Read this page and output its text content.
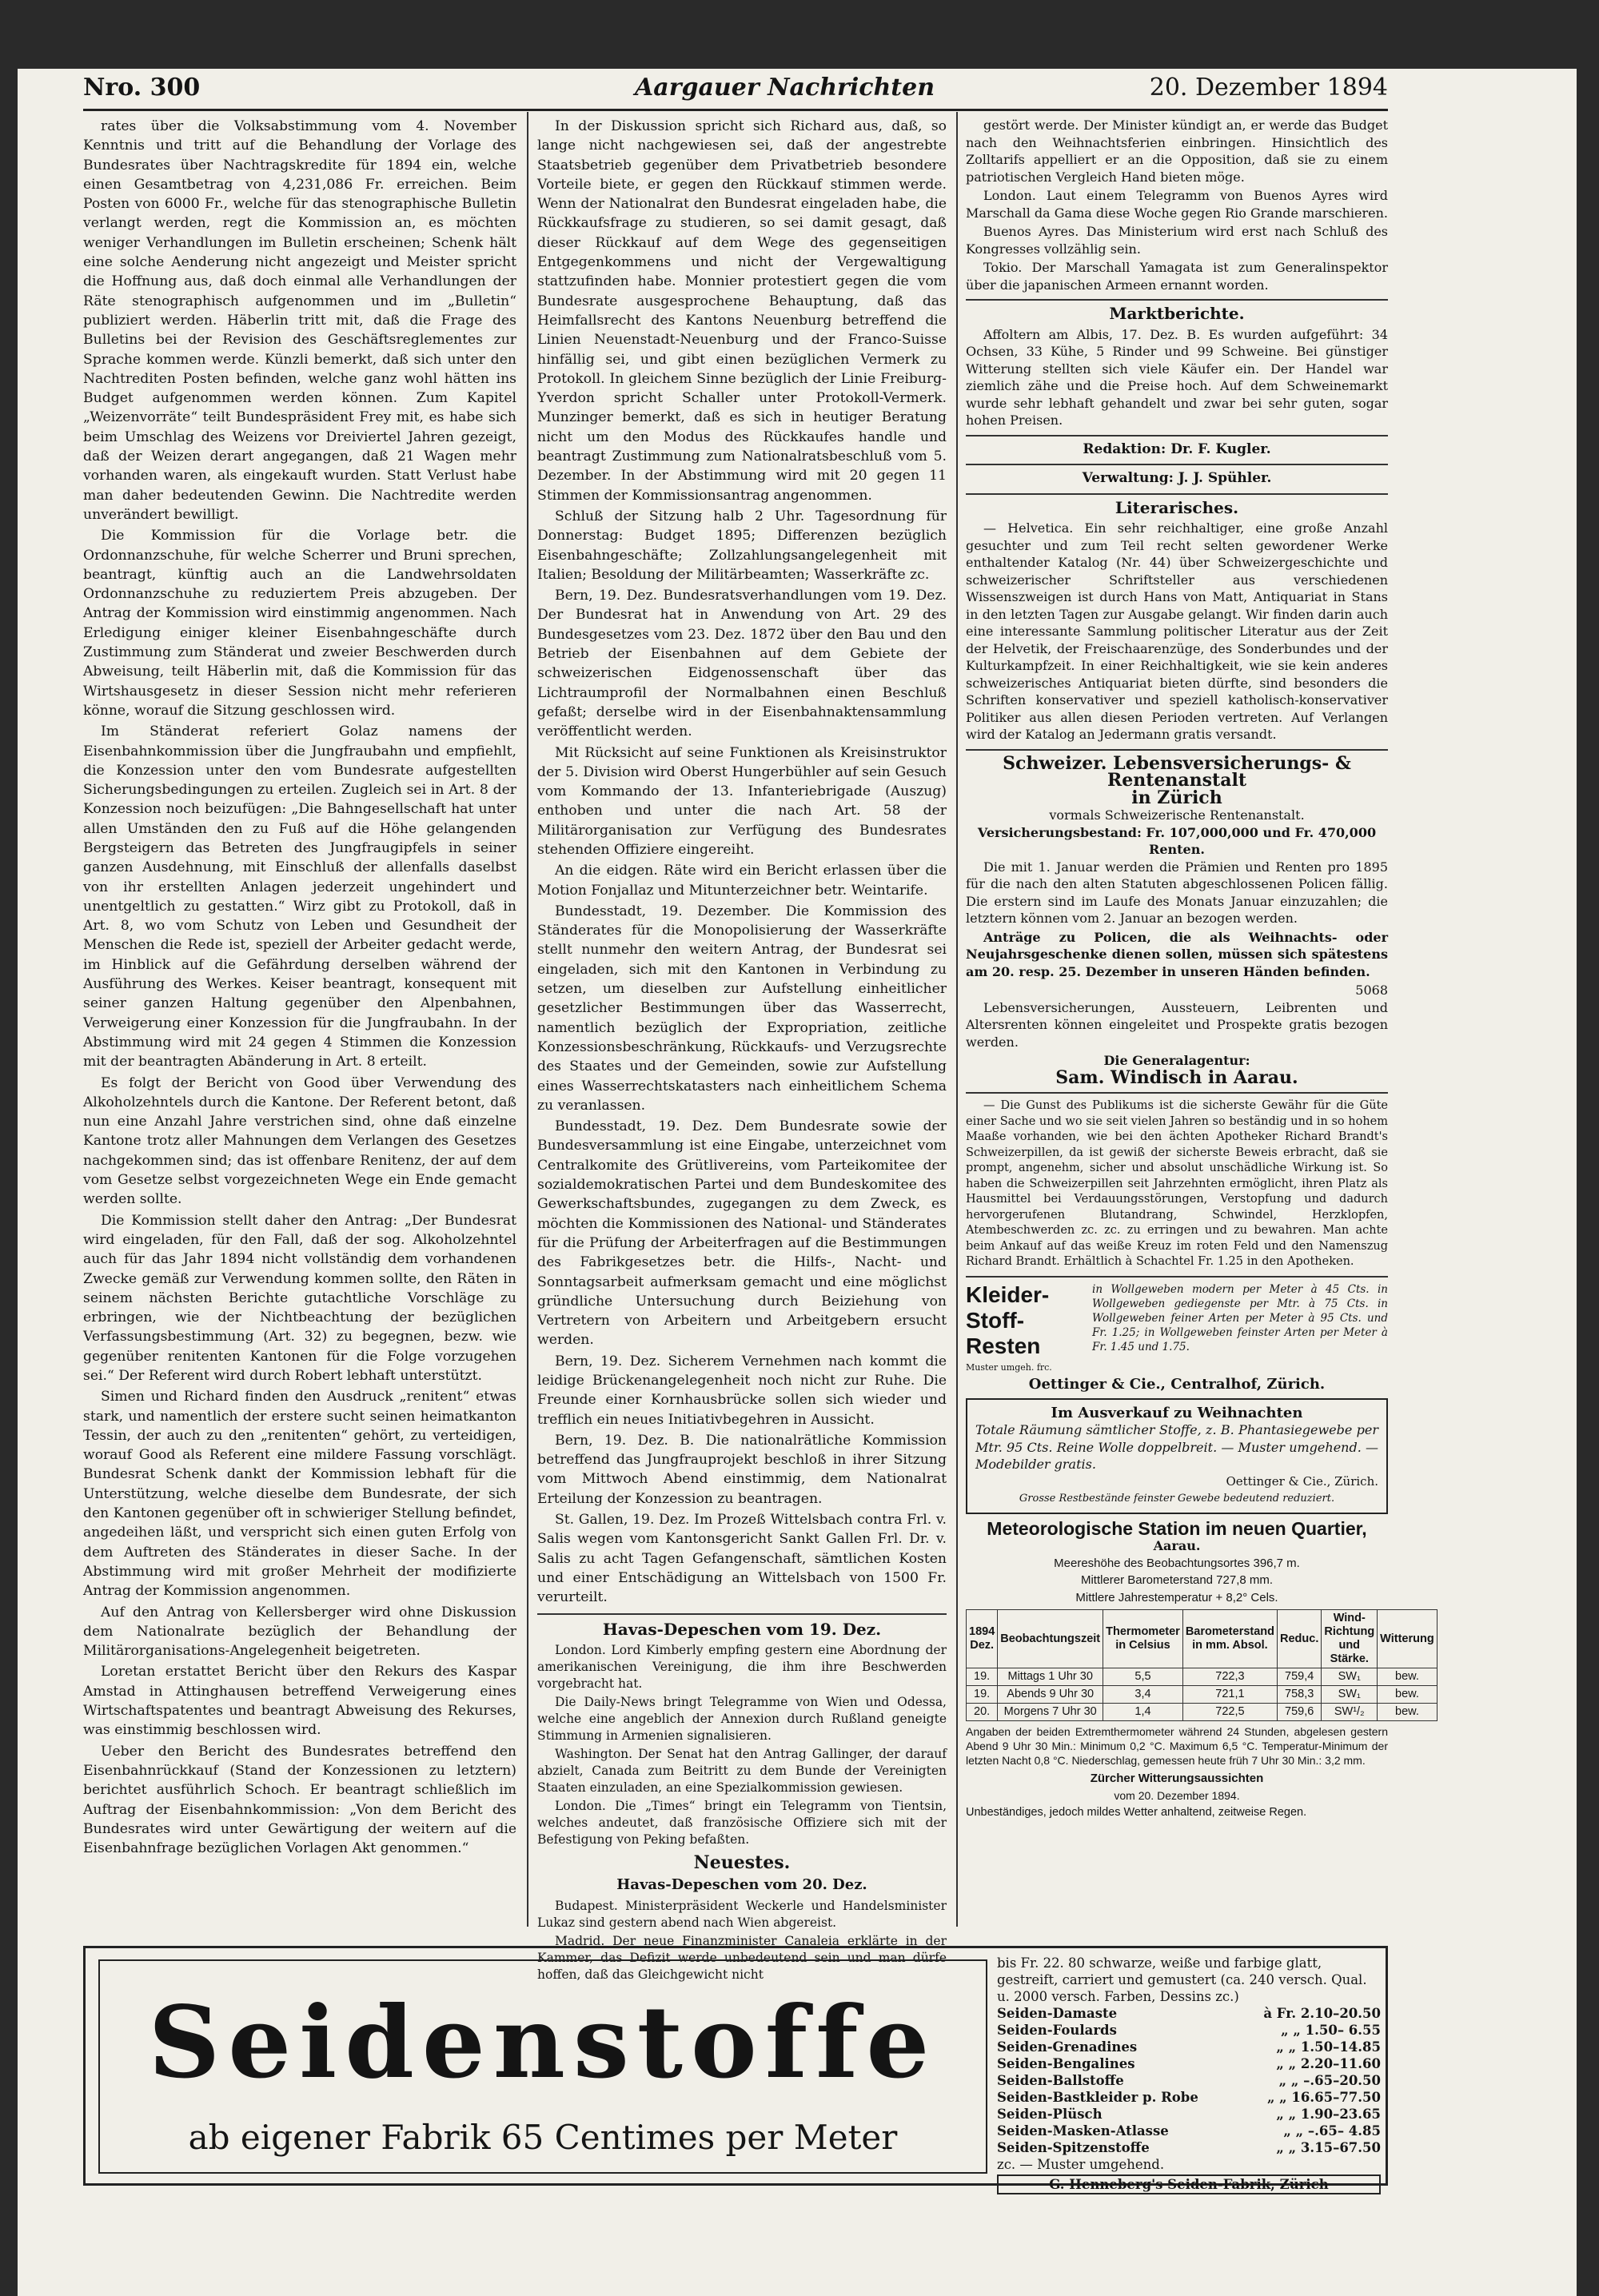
Nro. 300	Aargauer Nachrichten	20. Dezember 1894

rates über die Volksabstimmung vom 4. November Kenntnis und tritt auf die Behandlung der Vorlage des Bundesrates über Nachtragskredite für 1894 ein, welche einen Gesamtbetrag von 4,231,086 Fr. erreichen. Beim Posten von 6000 Fr., welche für das stenographische Bulletin verlangt werden, regt die Kommission an, es möchten weniger Verhandlungen im Bulletin erscheinen; Schenk hält eine solche Aenderung nicht angezeigt und Meister spricht die Hoffnung aus, daß doch einmal alle Verhandlungen der Räte stenographisch aufgenommen und im „Bulletin“ publiziert werden. Häberlin tritt mit, daß die Frage des Bulletins bei der Revision des Geschäftsreglementes zur Sprache kommen werde. Künzli bemerkt, daß sich unter den Nachtrediten Posten befinden, welche ganz wohl hätten ins Budget aufgenommen werden können. Zum Kapitel „Weizenvorräte“ teilt Bundespräsident Frey mit, es habe sich beim Umschlag des Weizens vor Dreiviertel Jahren gezeigt, daß der Weizen derart angegangen, daß 21 Wagen mehr vorhanden waren, als eingekauft wurden. Statt Verlust habe man daher bedeutenden Gewinn. Die Nachtredite werden unverändert bewilligt.

Die Kommission für die Vorlage betr. die Ordonnanzschuhe, für welche Scherrer und Bruni sprechen, beantragt, künftig auch an die Landwehrsoldaten Ordonnanzschuhe zu reduziertem Preis abzugeben. Der Antrag der Kommission wird einstimmig angenommen. Nach Erledigung einiger kleiner Eisenbahngeschäfte durch Zustimmung zum Ständerat und zweier Beschwerden durch Abweisung, teilt Häberlin mit, daß die Kommission für das Wirtshausgesetz in dieser Session nicht mehr referieren könne, worauf die Sitzung geschlossen wird.

Im Ständerat referiert Golaz namens der Eisenbahnkommission über die Jungfraubahn und empfiehlt, die Konzession unter den vom Bundesrate aufgestellten Sicherungsbedingungen zu erteilen. Zugleich sei in Art. 8 der Konzession noch beizufügen: „Die Bahngesellschaft hat unter allen Umständen den zu Fuß auf die Höhe gelangenden Bergsteigern das Betreten des Jungfraugipfels in seiner ganzen Ausdehnung, mit Einschluß der allenfalls daselbst von ihr erstellten Anlagen jederzeit ungehindert und unentgeltlich zu gestatten.“ Wirz gibt zu Protokoll, daß in Art. 8, wo vom Schutz von Leben und Gesundheit der Menschen die Rede ist, speziell der Arbeiter gedacht werde, im Hinblick auf die Gefährdung derselben während der Ausführung des Werkes. Keiser beantragt, konsequent mit seiner ganzen Haltung gegenüber den Alpenbahnen, Verweigerung einer Konzession für die Jungfraubahn. In der Abstimmung wird mit 24 gegen 4 Stimmen die Konzession mit der beantragten Abänderung in Art. 8 erteilt.

Es folgt der Bericht von Good über Verwendung des Alkoholzehntels durch die Kantone. Der Referent betont, daß nun eine Anzahl Jahre verstrichen sind, ohne daß einzelne Kantone trotz aller Mahnungen dem Verlangen des Gesetzes nachgekommen sind; das ist offenbare Renitenz, der auf dem vom Gesetze selbst vorgezeichneten Wege ein Ende gemacht werden sollte.

Die Kommission stellt daher den Antrag: „Der Bundesrat wird eingeladen, für den Fall, daß der sog. Alkoholzehntel auch für das Jahr 1894 nicht vollständig dem vorhandenen Zwecke gemäß zur Verwendung kommen sollte, den Räten in seinem nächsten Berichte gutachtliche Vorschläge zu erbringen, wie der Nichtbeachtung der bezüglichen Verfassungsbestimmung (Art. 32) zu begegnen, bezw. wie gegenüber renitenten Kantonen für die Folge vorzugehen sei.“ Der Referent wird durch Robert lebhaft unterstützt.

Simen und Richard finden den Ausdruck „renitent“ etwas stark, und namentlich der erstere sucht seinen heimatkanton Tessin, der auch zu den „renitenten“ gehört, zu verteidigen, worauf Good als Referent eine mildere Fassung vorschlägt. Bundesrat Schenk dankt der Kommission lebhaft für die Unterstützung, welche dieselbe dem Bundesrate, der sich den Kantonen gegenüber oft in schwieriger Stellung befindet, angedeihen läßt, und verspricht sich einen guten Erfolg von dem Auftreten des Ständerates in dieser Sache. In der Abstimmung wird mit großer Mehrheit der modifizierte Antrag der Kommission angenommen.

Auf den Antrag von Kellersberger wird ohne Diskussion dem Nationalrate bezüglich der Behandlung der Militärorganisations-Angelegenheit beigetreten.

Loretan erstattet Bericht über den Rekurs des Kaspar Amstad in Attinghausen betreffend Verweigerung eines Wirtschaftspatentes und beantragt Abweisung des Rekurses, was einstimmig beschlossen wird.

Ueber den Bericht des Bundesrates betreffend den Eisenbahnrückkauf (Stand der Konzessionen zu letztern) berichtet ausführlich Schoch. Er beantragt schließlich im Auftrag der Eisenbahnkommission: „Von dem Bericht des Bundesrates wird unter Gewärtigung der weitern auf die Eisenbahnfrage bezüglichen Vorlagen Akt genommen.“

In der Diskussion spricht sich Richard aus, daß, so lange nicht nachgewiesen sei, daß der angestrebte Staatsbetrieb gegenüber dem Privatbetrieb besondere Vorteile biete, er gegen den Rückkauf stimmen werde. Wenn der Nationalrat den Bundesrat eingeladen habe, die Rückkaufsfrage zu studieren, so sei damit gesagt, daß dieser Rückkauf auf dem Wege des gegenseitigen Entgegenkommens und nicht der Vergewaltigung stattzufinden habe. Monnier protestiert gegen die vom Bundesrate ausgesprochene Behauptung, daß das Heimfallsrecht des Kantons Neuenburg betreffend die Linien Neuenstadt-Neuenburg und der Franco-Suisse hinfällig sei, und gibt einen bezüglichen Vermerk zu Protokoll. In gleichem Sinne bezüglich der Linie Freiburg-Yverdon spricht Schaller unter Protokoll-Vermerk. Munzinger bemerkt, daß es sich in heutiger Beratung nicht um den Modus des Rückkaufes handle und beantragt Zustimmung zum Nationalratsbeschluß vom 5. Dezember. In der Abstimmung wird mit 20 gegen 11 Stimmen der Kommissionsantrag angenommen.

Schluß der Sitzung halb 2 Uhr. Tagesordnung für Donnerstag: Budget 1895; Differenzen bezüglich Eisenbahngeschäfte; Zollzahlungsangelegenheit mit Italien; Besoldung der Militärbeamten; Wasserkräfte zc.

Bern, 19. Dez. Bundesratsverhandlungen vom 19. Dez. Der Bundesrat hat in Anwendung von Art. 29 des Bundesgesetzes vom 23. Dez. 1872 über den Bau und den Betrieb der Eisenbahnen auf dem Gebiete der schweizerischen Eidgenossenschaft über das Lichtraumprofil der Normalbahnen einen Beschluß gefaßt; derselbe wird in der Eisenbahnaktensammlung veröffentlicht werden.

Mit Rücksicht auf seine Funktionen als Kreisinstruktor der 5. Division wird Oberst Hungerbühler auf sein Gesuch vom Kommando der 13. Infanteriebrigade (Auszug) enthoben und unter die nach Art. 58 der Militärorganisation zur Verfügung des Bundesrates stehenden Offiziere eingereiht.

An die eidgen. Räte wird ein Bericht erlassen über die Motion Fonjallaz und Mitunterzeichner betr. Weintarife.

Bundesstadt, 19. Dezember. Die Kommission des Ständerates für die Monopolisierung der Wasserkräfte stellt nunmehr den weitern Antrag, der Bundesrat sei eingeladen, sich mit den Kantonen in Verbindung zu setzen, um dieselben zur Aufstellung einheitlicher gesetzlicher Bestimmungen über das Wasserrecht, namentlich bezüglich der Expropriation, zeitliche Konzessionsbeschränkung, Rückkaufs- und Verzugsrechte des Staates und der Gemeinden, sowie zur Aufstellung eines Wasserrechtskatasters nach einheitlichem Schema zu veranlassen.

Bundesstadt, 19. Dez. Dem Bundesrate sowie der Bundesversammlung ist eine Eingabe, unterzeichnet vom Centralkomite des Grütlivereins, vom Parteikomitee der sozialdemokratischen Partei und dem Bundeskomitee des Gewerkschaftsbundes, zugegangen zu dem Zweck, es möchten die Kommissionen des National- und Ständerates für die Prüfung der Arbeiterfragen auf die Bestimmungen des Fabrikgesetzes betr. die Hilfs-, Nacht- und Sonntagsarbeit aufmerksam gemacht und eine möglichst gründliche Untersuchung durch Beiziehung von Vertretern von Arbeitern und Arbeitgebern ersucht werden.

Bern, 19. Dez. Sicherem Vernehmen nach kommt die leidige Brückenangelegenheit noch nicht zur Ruhe. Die Freunde einer Kornhausbrücke sollen sich wieder und trefflich ein neues Initiativbegehren in Aussicht.

Bern, 19. Dez. B. Die nationalrätliche Kommission betreffend das Jungfrauprojekt beschloß in ihrer Sitzung vom Mittwoch Abend einstimmig, dem Nationalrat Erteilung der Konzession zu beantragen.

St. Gallen, 19. Dez. Im Prozeß Wittelsbach contra Frl. v. Salis wegen vom Kantonsgericht Sankt Gallen Frl. Dr. v. Salis zu acht Tagen Gefangenschaft, sämtlichen Kosten und einer Entschädigung an Wittelsbach von 1500 Fr. verurteilt.

Havas-Depeschen vom 19. Dez.

London. Lord Kimberly empfing gestern eine Abordnung der amerikanischen Vereinigung, die ihm ihre Beschwerden vorgebracht hat.

Die Daily-News bringt Telegramme von Wien und Odessa, welche eine angeblich der Annexion durch Rußland geneigte Stimmung in Armenien signalisieren.

Washington. Der Senat hat den Antrag Gallinger, der darauf abzielt, Canada zum Beitritt zu dem Bunde der Vereinigten Staaten einzuladen, an eine Spezialkommission gewiesen.

London. Die „Times“ bringt ein Telegramm von Tientsin, welches andeutet, daß französische Offiziere sich mit der Befestigung von Peking befaßten.

Neuestes.
Havas-Depeschen vom 20. Dez.

Budapest. Ministerpräsident Weckerle und Handelsminister Lukaz sind gestern abend nach Wien abgereist.

Madrid. Der neue Finanzminister Canaleia erklärte in der Kammer, das Defizit werde unbedeutend sein und man dürfe hoffen, daß das Gleichgewicht nicht

gestört werde. Der Minister kündigt an, er werde das Budget nach den Weihnachtsferien einbringen. Hinsichtlich des Zolltarifs appelliert er an die Opposition, daß sie zu einem patriotischen Vergleich Hand bieten möge.

London. Laut einem Telegramm von Buenos Ayres wird Marschall da Gama diese Woche gegen Rio Grande marschieren.

Buenos Ayres. Das Ministerium wird erst nach Schluß des Kongresses vollzählig sein.

Tokio. Der Marschall Yamagata ist zum Generalinspektor über die japanischen Armeen ernannt worden.

Marktberichte.

Affoltern am Albis, 17. Dez. B. Es wurden aufgeführt: 34 Ochsen, 33 Kühe, 5 Rinder und 99 Schweine. Bei günstiger Witterung stellten sich viele Käufer ein. Der Handel war ziemlich zähe und die Preise hoch. Auf dem Schweinemarkt wurde sehr lebhaft gehandelt und zwar bei sehr guten, sogar hohen Preisen.

Redaktion: Dr. F. Kugler.
Verwaltung: J. J. Spühler.
Literarisches.

— Helvetica. Ein sehr reichhaltiger, eine große Anzahl gesuchter und zum Teil recht selten gewordener Werke enthaltender Katalog (Nr. 44) über Schweizergeschichte und schweizerischer Schriftsteller aus verschiedenen Wissenszweigen ist durch Hans von Matt, Antiquariat in Stans in den letzten Tagen zur Ausgabe gelangt. Wir finden darin auch eine interessante Sammlung politischer Literatur aus der Zeit der Helvetik, der Freischaarenzüge, des Sonderbundes und der Kulturkampfzeit. In einer Reichhaltigkeit, wie sie kein anderes schweizerisches Antiquariat bieten dürfte, sind besonders die Schriften konservativer und speziell katholisch-konservativer Politiker aus allen diesen Perioden vertreten. Auf Verlangen wird der Katalog an Jedermann gratis versandt.

Schweizer. Lebensversicherungs- & Rentenanstalt
in Zürich
vormals Schweizerische Rentenanstalt.
Versicherungsbestand: Fr. 107,000,000 und Fr. 470,000 Renten.

Die mit 1. Januar werden die Prämien und Renten pro 1895 für die nach den alten Statuten abgeschlossenen Policen fällig. Die erstern sind im Laufe des Monats Januar einzuzahlen; die letztern können vom 2. Januar an bezogen werden.

Anträge zu Policen, die als Weihnachts- oder Neujahrsgeschenke dienen sollen, müssen sich spätestens am 20. resp. 25. Dezember in unseren Händen befinden.

5068

Lebensversicherungen, Aussteuern, Leibrenten und Altersrenten können eingeleitet und Prospekte gratis bezogen werden.

Die Generalagentur:
Sam. Windisch in Aarau.

— Die Gunst des Publikums ist die sicherste Gewähr für die Güte einer Sache und wo sie seit vielen Jahren so beständig und in so hohem Maaße vorhanden, wie bei den ächten Apotheker Richard Brandt's Schweizerpillen, da ist gewiß der sicherste Beweis erbracht, daß sie prompt, angenehm, sicher und absolut unschädliche Wirkung ist. So haben die Schweizerpillen seit Jahrzehnten ermöglicht, ihren Platz als Hausmittel bei Verdauungsstörungen, Verstopfung und dadurch hervorgerufenen Blutandrang, Schwindel, Herzklopfen, Atembeschwerden zc. zc. zu erringen und zu bewahren. Man achte beim Ankauf auf das weiße Kreuz im roten Feld und den Namenszug Richard Brandt. Erhältlich à Schachtel Fr. 1.25 in den Apotheken.

Kleider-
Stoff-
Resten
Muster umgeh. frc.
in Wollgeweben modern per Meter à 45 Cts. in Wollgeweben gediegenste per Mtr. à 75 Cts. in Wollgeweben feiner Arten per Meter à 95 Cts. und Fr. 1.25; in Wollgeweben feinster Arten per Meter à Fr. 1.45 und 1.75.
Oettinger & Cie., Centralhof, Zürich.
Im Ausverkauf zu Weihnachten
Totale Räumung sämtlicher Stoffe, z. B. Phantasiegewebe per Mtr. 95 Cts. Reine Wolle doppelbreit. — Muster umgehend. — Modebilder gratis.
Oettinger & Cie., Zürich.
Grosse Restbestände feinster Gewebe bedeutend reduziert.
Meteorologische Station im neuen Quartier,
Aarau.
Meereshöhe des Beobachtungsortes 396,7 m.
Mittlerer Barometerstand 727,8 mm.
Mittlere Jahrestemperatur + 8,2° Cels.
1894 Dez.	Beobachtungszeit	Thermometer in Celsius	Barometerstand in mm. Absol.	Reduc.	Wind-Richtung und Stärke.	Witterung
19.	Mittags 1 Uhr 30	5,5	722,3	759,4	SW₁	bew.
19.	Abends 9 Uhr 30	3,4	721,1	758,3	SW₁	bew.
20.	Morgens 7 Uhr 30	1,4	722,5	759,6	SW¹/₂	bew.
Angaben der beiden Extremthermometer während 24 Stunden, abgelesen gestern Abend 9 Uhr 30 Min.: Minimum 0,2 °C. Maximum 6,5 °C. Temperatur-Minimum der letzten Nacht 0,8 °C. Niederschlag, gemessen heute früh 7 Uhr 30 Min.: 3,2 mm.
Zürcher Witterungsaussichten
vom 20. Dezember 1894.
Unbeständiges, jedoch mildes Wetter anhaltend, zeitweise Regen.
Seidenstoffe
ab eigener Fabrik 65 Centimes per Meter
bis Fr. 22. 80 schwarze, weiße und farbige glatt, gestreift, carriert und gemustert (ca. 240 versch. Qual. u. 2000 versch. Farben, Dessins zc.)
Seiden-Damaste	à Fr. 2.10–20.50
Seiden-Foulards	„ „ 1.50– 6.55
Seiden-Grenadines	„ „ 1.50–14.85
Seiden-Bengalines	„ „ 2.20–11.60
Seiden-Ballstoffe	„ „ –.65–20.50
Seiden-Bastkleider p. Robe	„ „ 16.65–77.50
Seiden-Plüsch	„ „ 1.90–23.65
Seiden-Masken-Atlasse	„ „ –.65– 4.85
Seiden-Spitzenstoffe	„ „ 3.15–67.50
zc. — Muster umgehend.
G. Henneberg's Seiden-Fabrik, Zürich
